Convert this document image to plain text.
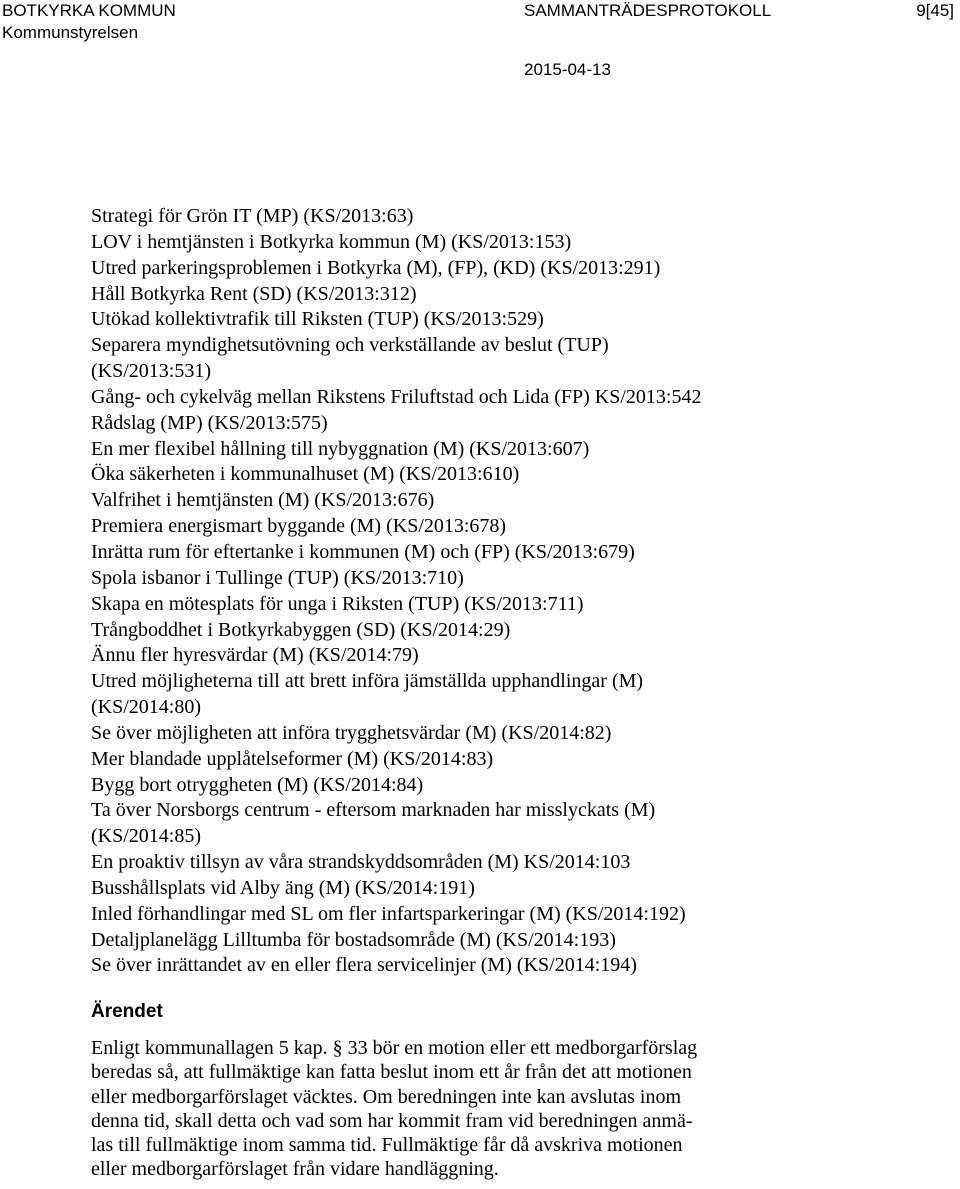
BOTKYRKA KOMMUN
Kommunstyrelsen
SAMMANTRÄDESPROTOKOLL	9[45]
2015-04-13
Strategi för Grön IT (MP) (KS/2013:63)
LOV i hemtjänsten i Botkyrka kommun (M) (KS/2013:153)
Utred parkeringsproblemen i Botkyrka (M), (FP), (KD) (KS/2013:291)
Håll Botkyrka Rent (SD) (KS/2013:312)
Utökad kollektivtrafik till Riksten (TUP) (KS/2013:529)
Separera myndighetsutövning och verkställande av beslut (TUP)
(KS/2013:531)
Gång- och cykelväg mellan Rikstens Friluftstad och Lida (FP) KS/2013:542
Rådslag (MP) (KS/2013:575)
En mer flexibel hållning till nybyggnation (M) (KS/2013:607)
Öka säkerheten i kommunalhuset (M) (KS/2013:610)
Valfrihet i hemtjänsten (M) (KS/2013:676)
Premiera energismart byggande (M) (KS/2013:678)
Inrätta rum för eftertanke i kommunen (M) och (FP) (KS/2013:679)
Spola isbanor i Tullinge (TUP) (KS/2013:710)
Skapa en mötesplats för unga i Riksten (TUP) (KS/2013:711)
Trångboddhet i Botkyrkabyggen (SD) (KS/2014:29)
Ännu fler hyresvärdar (M) (KS/2014:79)
Utred möjligheterna till att brett införa jämställda upphandlingar (M)
(KS/2014:80)
Se över möjligheten att införa trygghetsvärdar (M) (KS/2014:82)
Mer blandade upplåtelseformer (M) (KS/2014:83)
Bygg bort otryggheten (M) (KS/2014:84)
Ta över Norsborgs centrum - eftersom marknaden har misslyckats (M)
(KS/2014:85)
En proaktiv tillsyn av våra strandskyddsområden (M) KS/2014:103
Busshållsplats vid Alby äng (M) (KS/2014:191)
Inled förhandlingar med SL om fler infartsparkeringar (M) (KS/2014:192)
Detaljplanelägg Lilltumba för bostadsområde (M) (KS/2014:193)
Se över inrättandet av en eller flera servicelinjer (M) (KS/2014:194)
Ärendet

Enligt kommunallagen 5 kap. § 33 bör en motion eller ett medborgarförslag
beredas så, att fullmäktige kan fatta beslut inom ett år från det att motionen
eller medborgarförslaget väcktes. Om beredningen inte kan avslutas inom
denna tid, skall detta och vad som har kommit fram vid beredningen anmä-
las till fullmäktige inom samma tid. Fullmäktige får då avskriva motionen
eller medborgarförslaget från vidare handläggning.
